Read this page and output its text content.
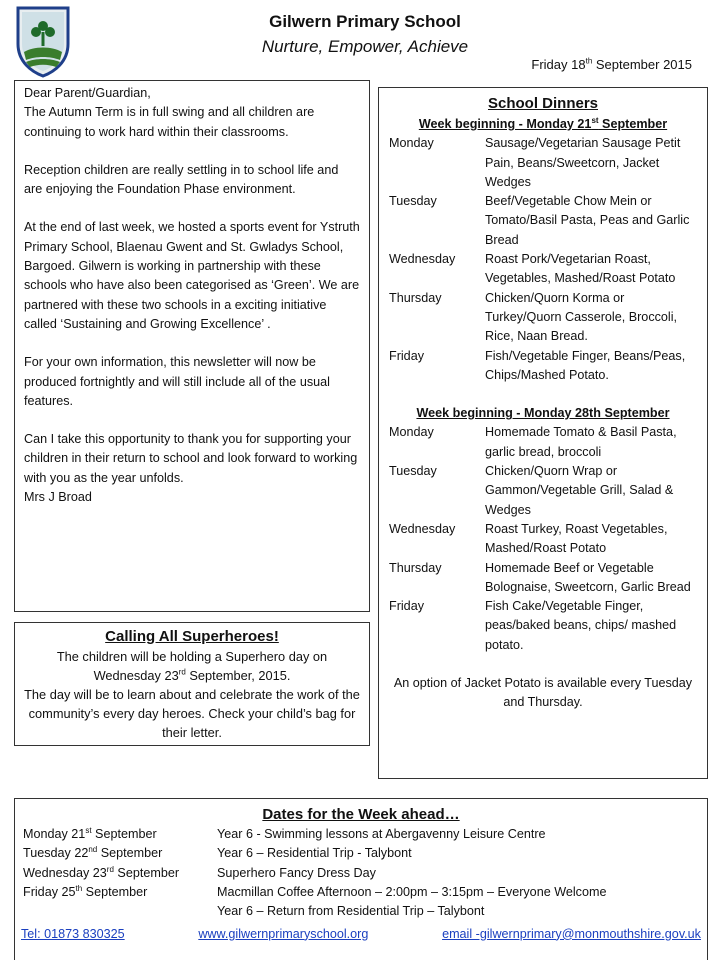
Gilwern Primary School
Nurture, Empower, Achieve
Friday 18th September 2015

Dear Parent/Guardian,
The Autumn Term is in full swing and all children are continuing to work hard within their classrooms.

Reception children are really settling in to school life and are enjoying the Foundation Phase environment.

At the end of last week, we hosted a sports event for Ystruth Primary School, Blaenau Gwent and St. Gwladys School, Bargoed. Gilwern is working in partnership with these schools who have also been categorised as ‘Green’. We are partnered with these two schools in a exciting initiative called ‘Sustaining and Growing Excellence’ .

For your own information, this newsletter will now be produced fortnightly and will still include all of the usual features.

Can I take this opportunity to thank you for supporting your children in their return to school and look forward to working with you as the year unfolds.
Mrs J Broad

Calling All Superheroes!

The children will be holding a Superhero day on Wednesday 23rd September, 2015.

The day will be to learn about and celebrate the work of the community’s every day heroes. Check your child’s bag for their letter.

School Dinners
Week beginning - Monday 21st September
Monday	Sausage/Vegetarian Sausage Petit Pain, Beans/Sweetcorn, Jacket Wedges
Tuesday	Beef/Vegetable Chow Mein or Tomato/Basil Pasta, Peas and Garlic Bread
Wednesday	Roast Pork/Vegetarian Roast, Vegetables, Mashed/Roast Potato
Thursday	Chicken/Quorn Korma or Turkey/Quorn Casserole, Broccoli, Rice, Naan Bread.
Friday	Fish/Vegetable Finger, Beans/Peas, Chips/Mashed Potato.
Week beginning - Monday 28th September
Monday	Homemade Tomato & Basil Pasta, garlic bread, broccoli
Tuesday	Chicken/Quorn Wrap or Gammon/Vegetable Grill, Salad & Wedges
Wednesday	Roast Turkey, Roast Vegetables, Mashed/Roast Potato
Thursday	Homemade Beef or Vegetable Bolognaise, Sweetcorn, Garlic Bread
Friday	Fish Cake/Vegetable Finger, peas/baked beans, chips/ mashed potato.
An option of Jacket Potato is available every Tuesday and Thursday.
Dates for the Week ahead…
Monday 21st September	Year 6 - Swimming lessons at Abergavenny Leisure Centre
Tuesday 22nd September	Year 6 – Residential Trip - Talybont
Wednesday 23rd September	Superhero Fancy Dress Day
Friday 25th September	Macmillan Coffee Afternoon – 2:00pm – 3:15pm – Everyone Welcome
Year 6 – Return from Residential Trip – Talybont
Tel: 01873 830325	www.gilwernprimaryschool.org	email -gilwernprimary@monmouthshire.gov.uk
